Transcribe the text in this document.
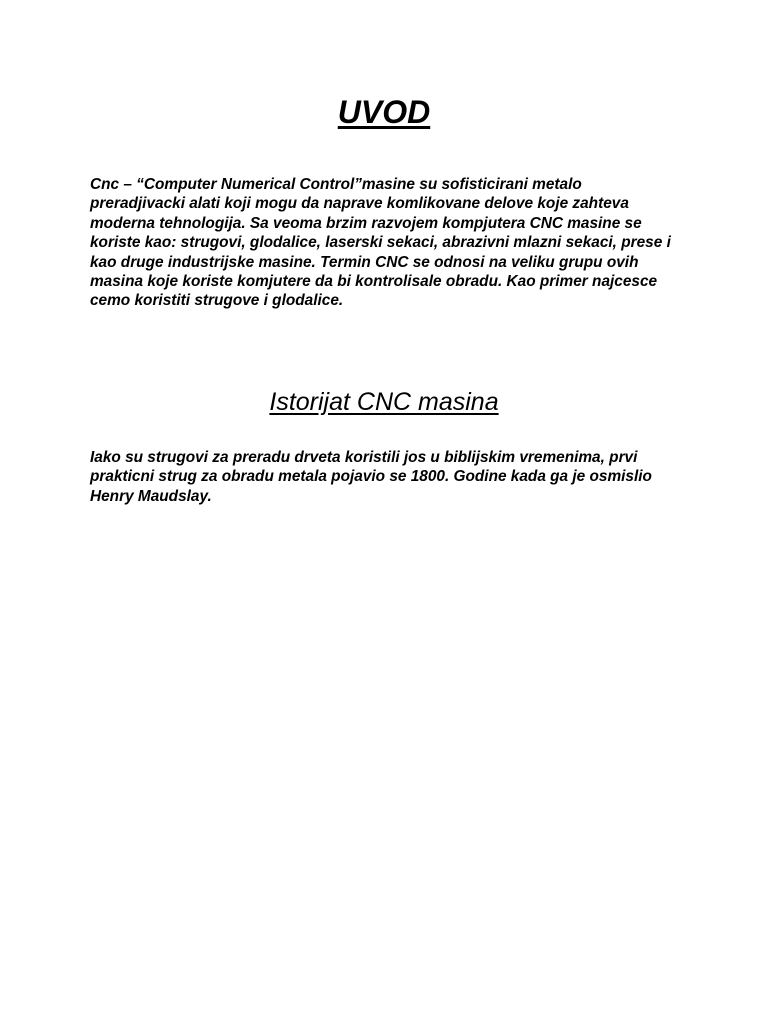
UVOD

Cnc – “Computer Numerical Control”masine su sofisticirani metalo preradjivacki alati koji mogu da naprave komlikovane delove koje zahteva moderna tehnologija. Sa veoma brzim razvojem kompjutera CNC masine se koriste kao: strugovi, glodalice, laserski sekaci, abrazivni mlazni sekaci, prese i kao druge industrijske masine. Termin CNC se odnosi na veliku grupu ovih masina koje koriste komjutere da bi kontrolisale obradu. Kao primer najcesce cemo koristiti strugove i glodalice.

Istorijat CNC masina

Iako su strugovi za preradu drveta koristili jos u biblijskim vremenima, prvi prakticni strug za obradu metala pojavio se 1800. Godine kada ga je osmislio Henry Maudslay.
